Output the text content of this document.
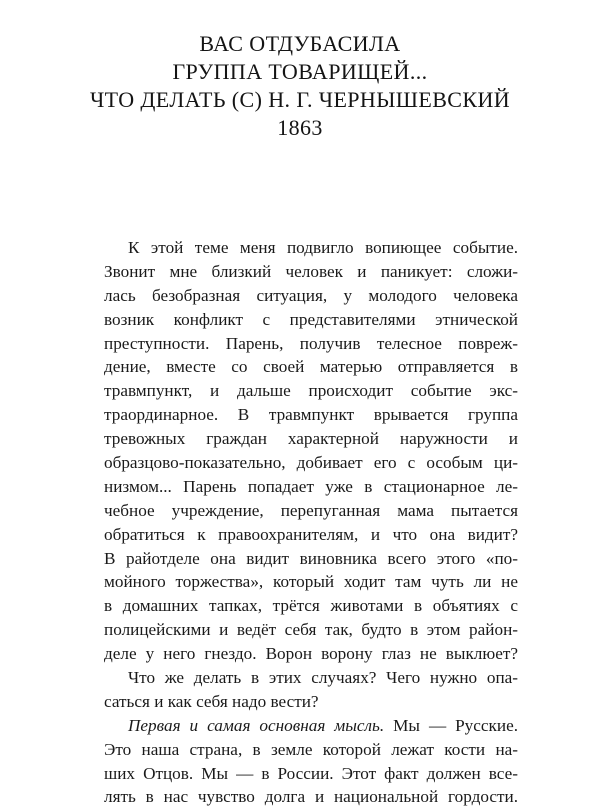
ВАС ОТДУБАСИЛА
ГРУППА ТОВАРИЩЕЙ...
ЧТО ДЕЛАТЬ (С) Н. Г. ЧЕРНЫШЕВСКИЙ
1863
К этой теме меня подвигло вопиющее событие.
Звонит мне близкий человек и паникует: сложи-
лась безобразная ситуация, у молодого человека
возник конфликт с представителями этнической
преступности. Парень, получив телесное повреж-
дение, вместе со своей матерью отправляется в
травмпункт, и дальше происходит событие экс-
траординарное. В травмпункт врывается группа
тревожных граждан характерной наружности и
образцово-показательно, добивает его с особым ци-
низмом... Парень попадает уже в стационарное ле-
чебное учреждение, перепуганная мама пытается
обратиться к правоохранителям, и что она видит?
В райотделе она видит виновника всего этого «по-
мойного торжества», который ходит там чуть ли не
в домашних тапках, трётся животами в объятиях с
полицейскими и ведёт себя так, будто в этом район-
деле у него гнездо. Ворон ворону глаз не выклюет?
Что же делать в этих случаях? Чего нужно опа-
саться и как себя надо вести?
Первая и самая основная мысль. Мы — Русские.
Это наша страна, в земле которой лежат кости на-
ших Отцов. Мы — в России. Этот факт должен все-
лять в нас чувство долга и национальной гордости.
